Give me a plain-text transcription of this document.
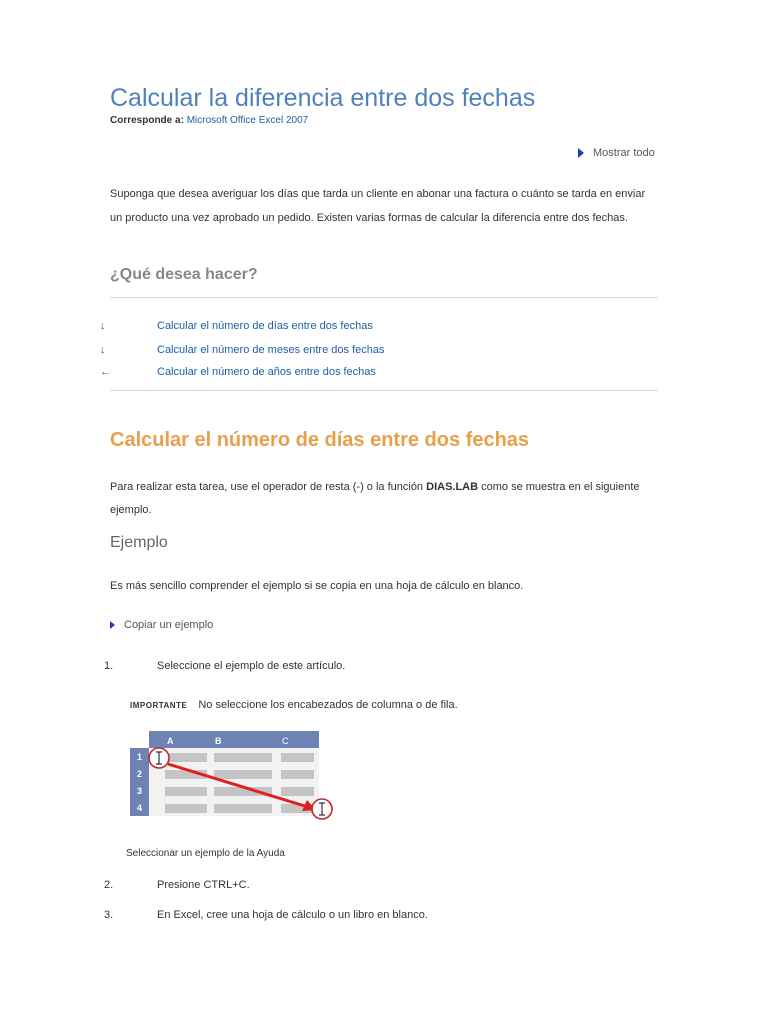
Calcular la diferencia entre dos fechas
Corresponde a: Microsoft Office Excel 2007
Mostrar todo
Suponga que desea averiguar los días que tarda un cliente en abonar una factura o cuánto se tarda en enviar un producto una vez aprobado un pedido. Existen varias formas de calcular la diferencia entre dos fechas.
¿Qué desea hacer?
↓	Calcular el número de días entre dos fechas
↓	Calcular el número de meses entre dos fechas
←	Calcular el número de años entre dos fechas
Calcular el número de días entre dos fechas
Para realizar esta tarea, use el operador de resta (-) o la función DIAS.LAB como se muestra en el siguiente ejemplo.
Ejemplo
Es más sencillo comprender el ejemplo si se copia en una hoja de cálculo en blanco.
Copiar un ejemplo
1.	Seleccione el ejemplo de este artículo.
IMPORTANTE No seleccione los encabezados de columna o de fila.
A	B	C
1
2
3
4
Seleccionar un ejemplo de la Ayuda
2.	Presione CTRL+C.
3.	En Excel, cree una hoja de cálculo o un libro en blanco.
